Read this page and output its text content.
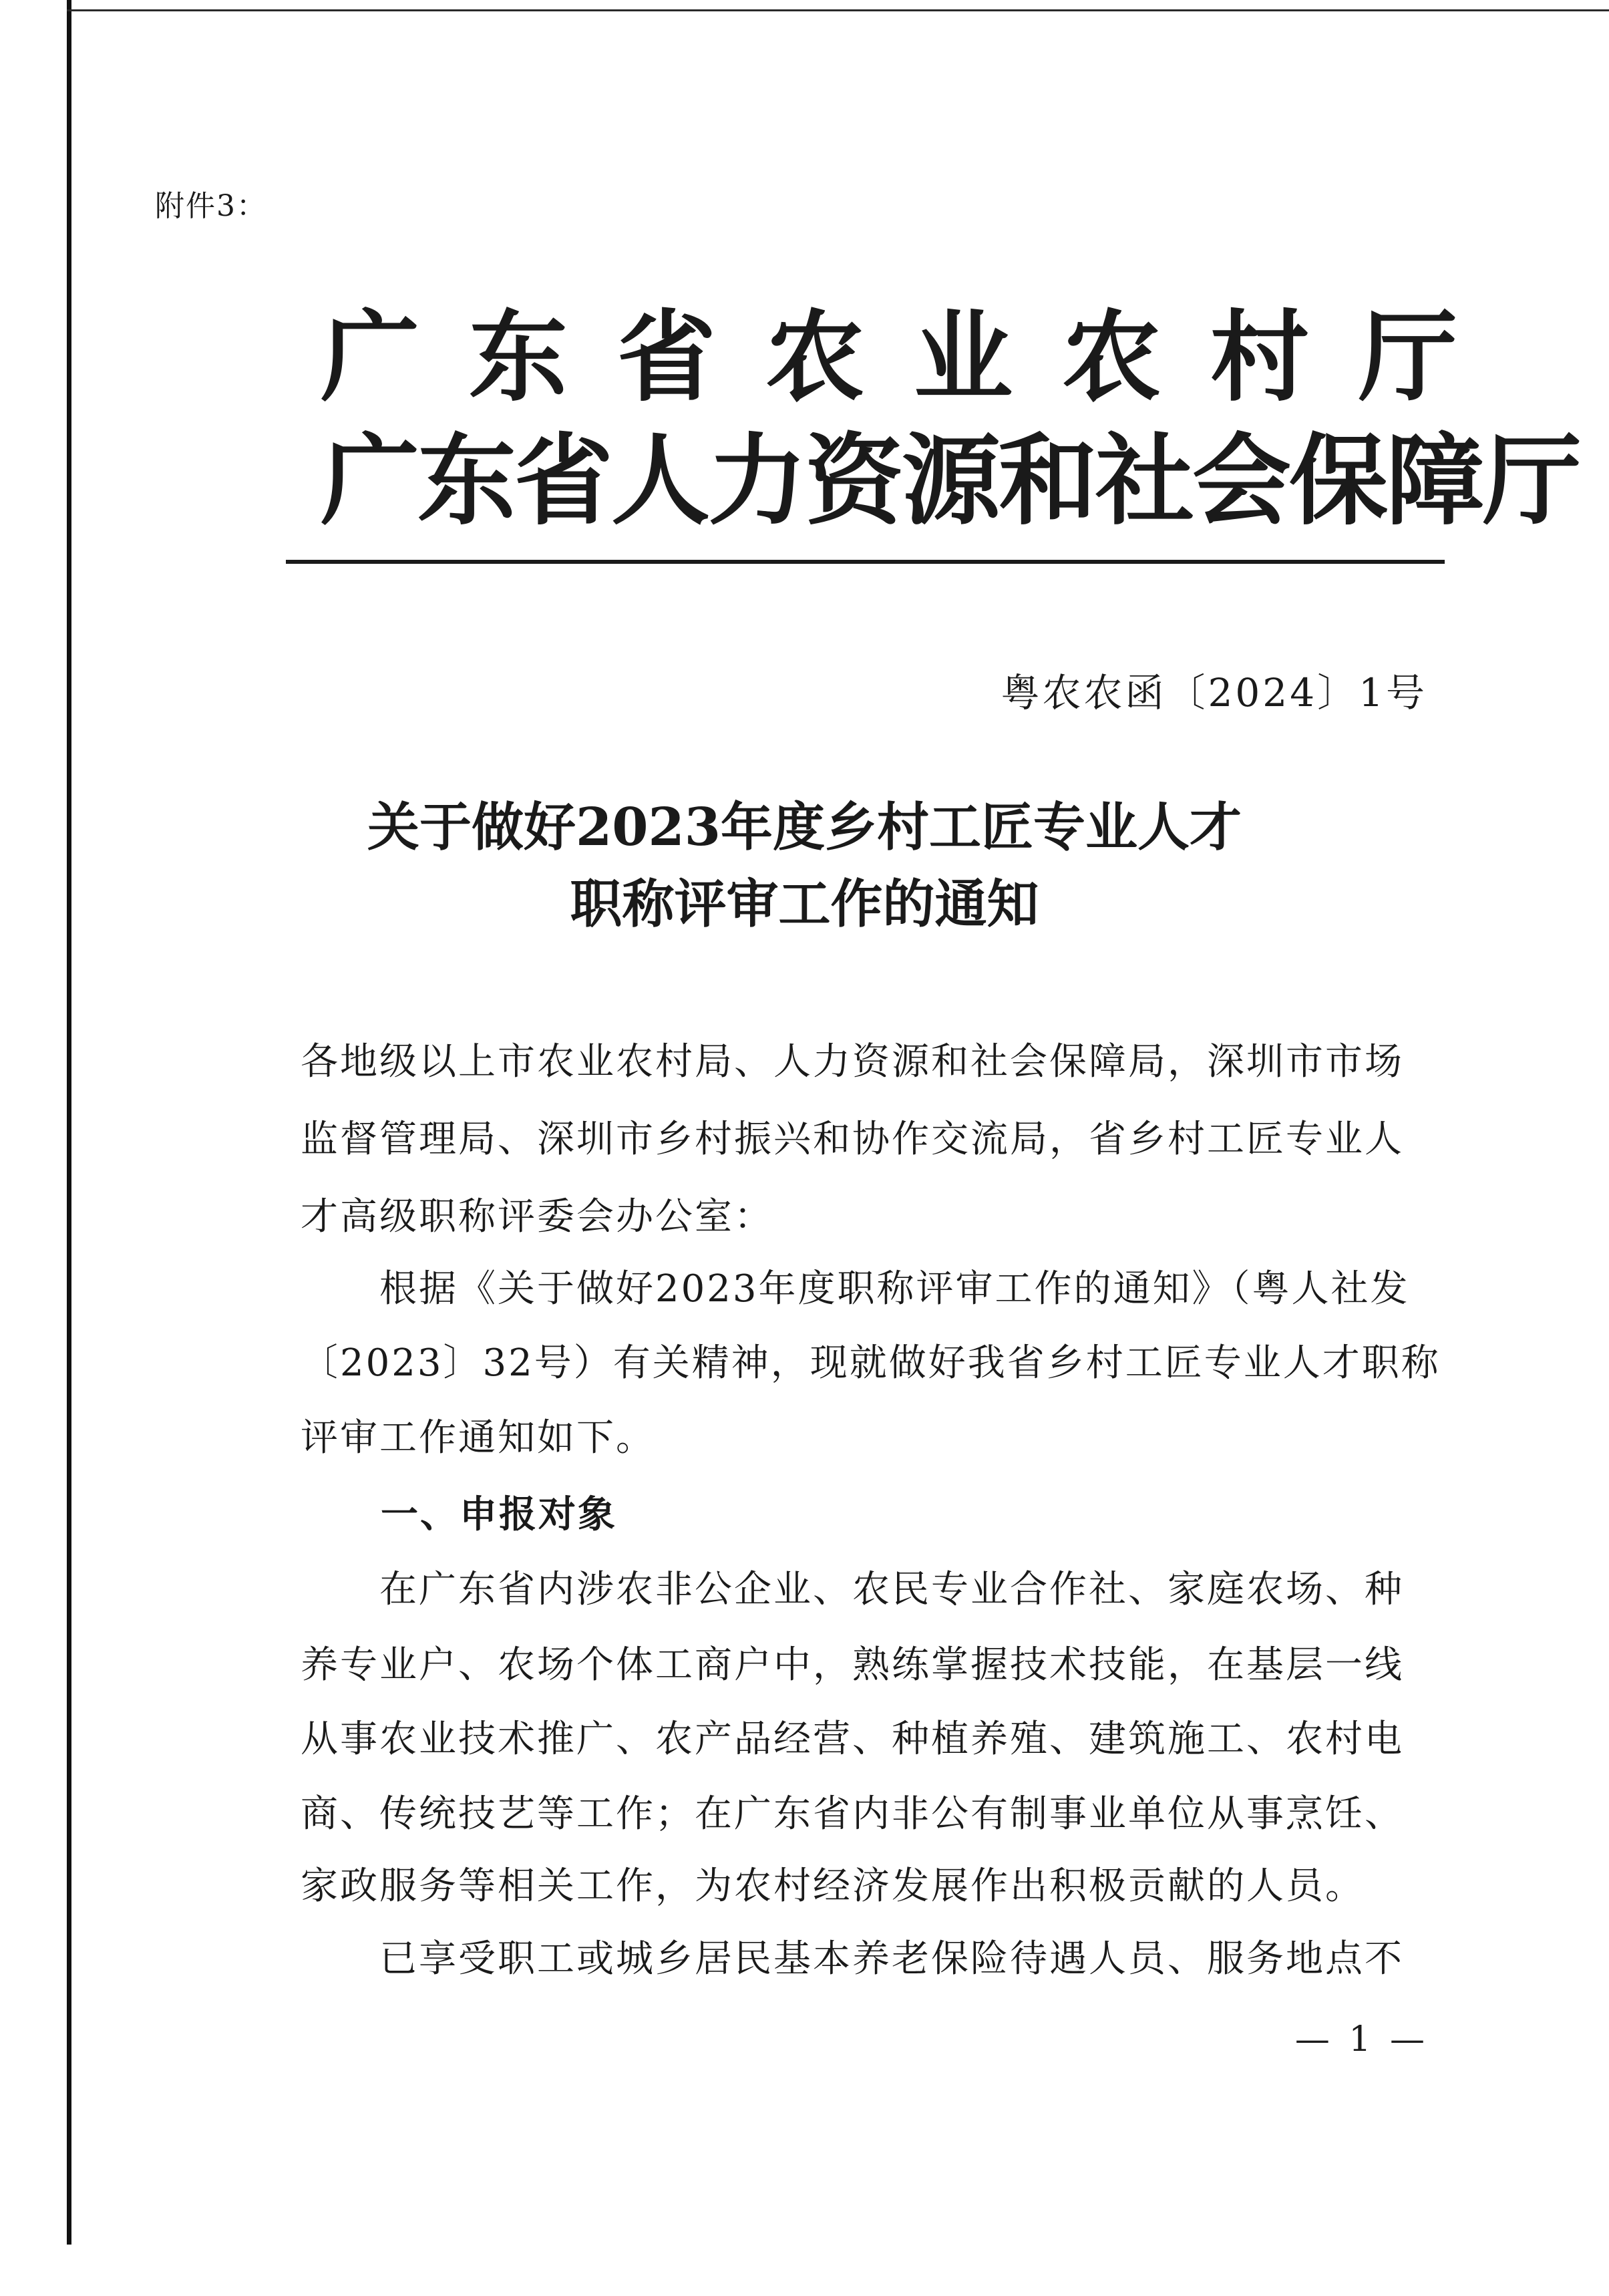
附件3：
广东省农业农村厅
广东省人力资源和社会保障厅
粤农农函〔2024〕1号
关于做好2023年度乡村工匠专业人才
职称评审工作的通知
各地级以上市农业农村局、人力资源和社会保障局，深圳市市场
监督管理局、深圳市乡村振兴和协作交流局，省乡村工匠专业人
才高级职称评委会办公室：
　　根据《关于做好2023年度职称评审工作的通知》（粤人社发
〔2023〕32号）有关精神，现就做好我省乡村工匠专业人才职称
评审工作通知如下。
一、申报对象
　　在广东省内涉农非公企业、农民专业合作社、家庭农场、种
养专业户、农场个体工商户中，熟练掌握技术技能，在基层一线
从事农业技术推广、农产品经营、种植养殖、建筑施工、农村电
商、传统技艺等工作；在广东省内非公有制事业单位从事烹饪、
家政服务等相关工作，为农村经济发展作出积极贡献的人员。
　　已享受职工或城乡居民基本养老保险待遇人员、服务地点不
— 1 —
